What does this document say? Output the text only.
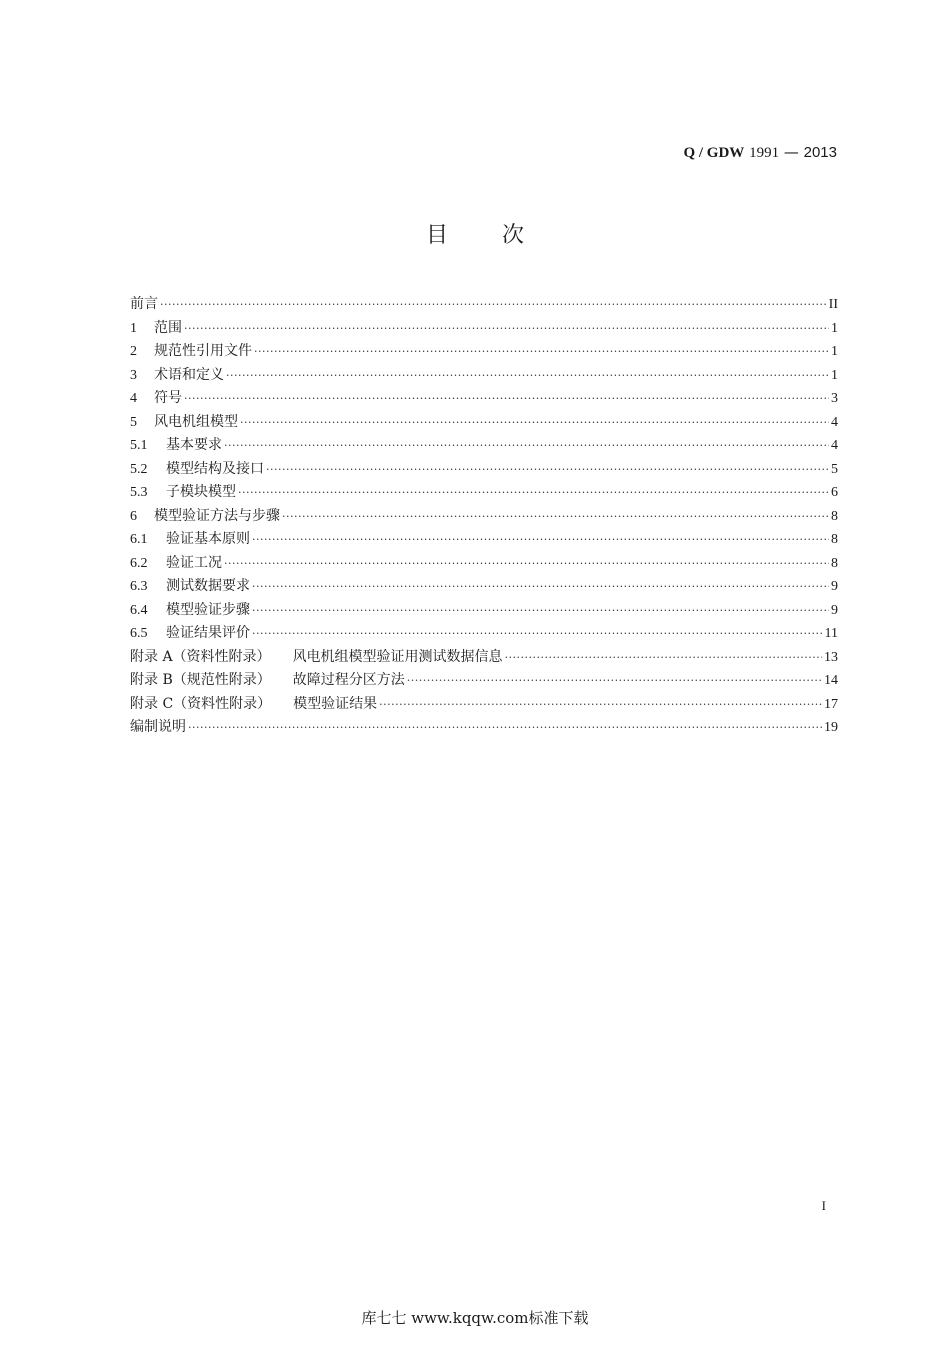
Q / GDW 1991 — 2013
目次
前言 ·····	II
1	范围 ·····	1
2	规范性引用文件 ·····	1
3	术语和定义 ·····	1
4	符号 ·····	3
5	风电机组模型 ·····	4
5.1	基本要求 ·····	4
5.2	模型结构及接口 ·····	5
5.3	子模块模型 ·····	6
6	模型验证方法与步骤 ·····	8
6.1	验证基本原则 ·····	8
6.2	验证工况 ·····	8
6.3	测试数据要求 ·····	9
6.4	模型验证步骤 ·····	9
6.5	验证结果评价 ·····	11
附录 A（资料性附录） 风电机组模型验证用测试数据信息 ·····	13
附录 B（规范性附录） 故障过程分区方法 ·····	14
附录 C（资料性附录） 模型验证结果 ·····	17
编制说明 ·····	19
I
库七七 www.kqqw.com标准下载
